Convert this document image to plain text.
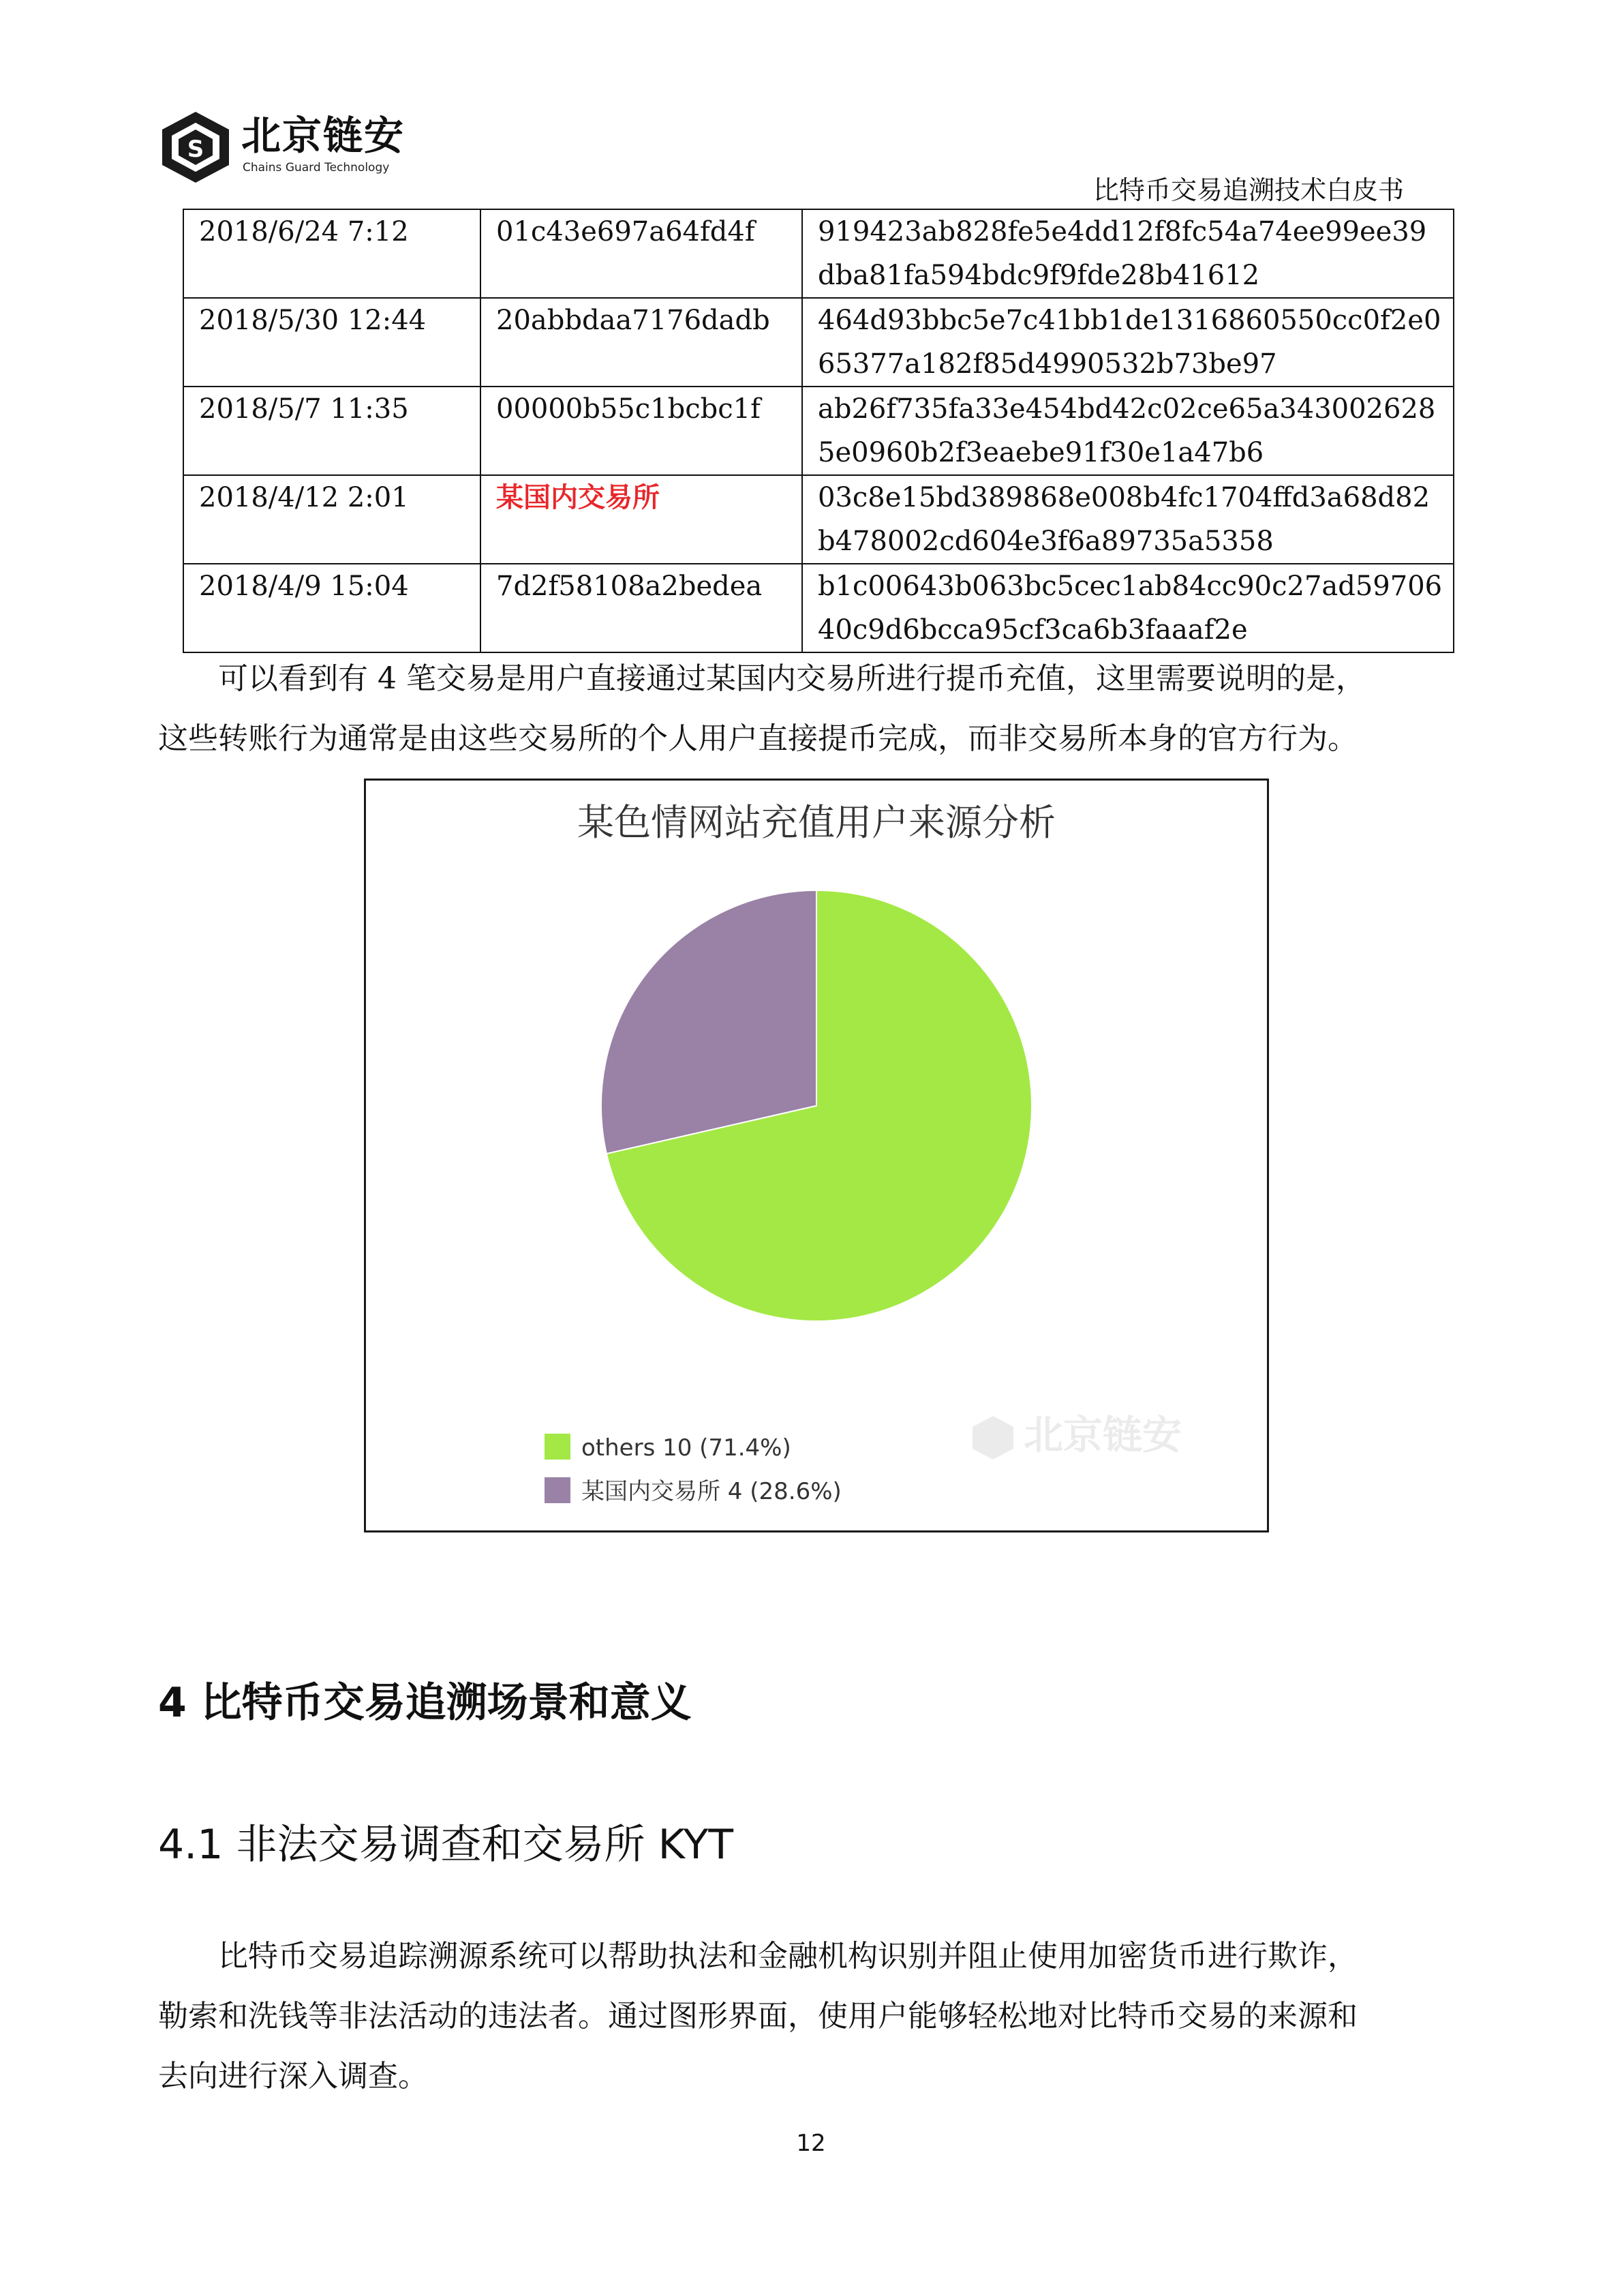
S 北京链安
Chains Guard Technology
比特币交易追溯技术白皮书
2018/6/24 7:12	01c43e697a64fd4f	919423ab828fe5e4dd12f8fc54a74ee99ee39
dba81fa594bdc9f9fde28b41612

2018/5/30 12:44	20abbdaa7176dadb	464d93bbc5e7c41bb1de1316860550cc0f2e0
65377a182f85d4990532b73be97

2018/5/7 11:35	00000b55c1bcbc1f	ab26f735fa33e454bd42c02ce65a343002628
5e0960b2f3eaebe91f30e1a47b6

2018/4/12 2:01	某国内交易所	03c8e15bd389868e008b4fc1704ffd3a68d82
b478002cd604e3f6a89735a5358

2018/4/9 15:04	7d2f58108a2bedea	b1c00643b063bc5cec1ab84cc90c27ad59706
40c9d6bcca95cf3ca6b3faaaf2e
可以看到有 4 笔交易是用户直接通过某国内交易所进行提币充值，这里需要说明的是，
这些转账行为通常是由这些交易所的个人用户直接提币完成，而非交易所本身的官方行为。
某色情网站充值用户来源分析
北京链安
others 10 (71.4%)
某国内交易所 4 (28.6%)
4 比特币交易追溯场景和意义
4.1 非法交易调查和交易所 KYT
比特币交易追踪溯源系统可以帮助执法和金融机构识别并阻止使用加密货币进行欺诈，
勒索和洗钱等非法活动的违法者。通过图形界面，使用户能够轻松地对比特币交易的来源和
去向进行深入调查。
12
